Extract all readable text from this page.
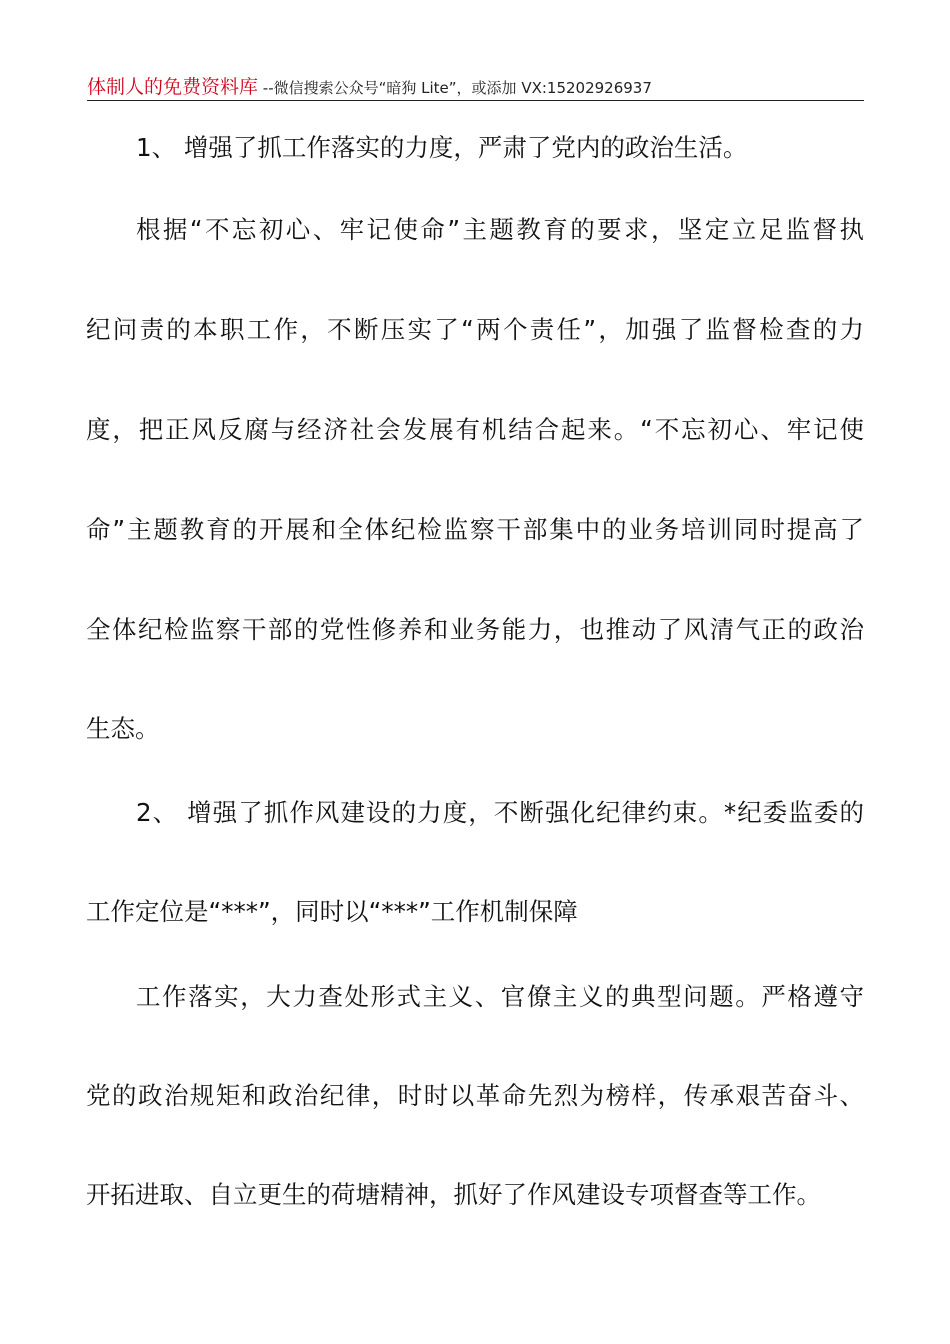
体制人的免费资料库 --微信搜索公众号“暗狗 Lite”，或添加 VX:15202926937
1、 增强了抓工作落实的力度，严肃了党内的政治生活。
根据“不忘初心、牢记使命”主题教育的要求，坚定立足监督执
纪问责的本职工作，不断压实了“两个责任”，加强了监督检查的力
度，把正风反腐与经济社会发展有机结合起来。“不忘初心、牢记使
命”主题教育的开展和全体纪检监察干部集中的业务培训同时提高了
全体纪检监察干部的党性修养和业务能力，也推动了风清气正的政治
生态。
2、 增强了抓作风建设的力度，不断强化纪律约束。*纪委监委的
工作定位是“***”，同时以“***”工作机制保障
工作落实，大力查处形式主义、官僚主义的典型问题。严格遵守
党的政治规矩和政治纪律，时时以革命先烈为榜样，传承艰苦奋斗、
开拓进取、自立更生的荷塘精神，抓好了作风建设专项督查等工作。
